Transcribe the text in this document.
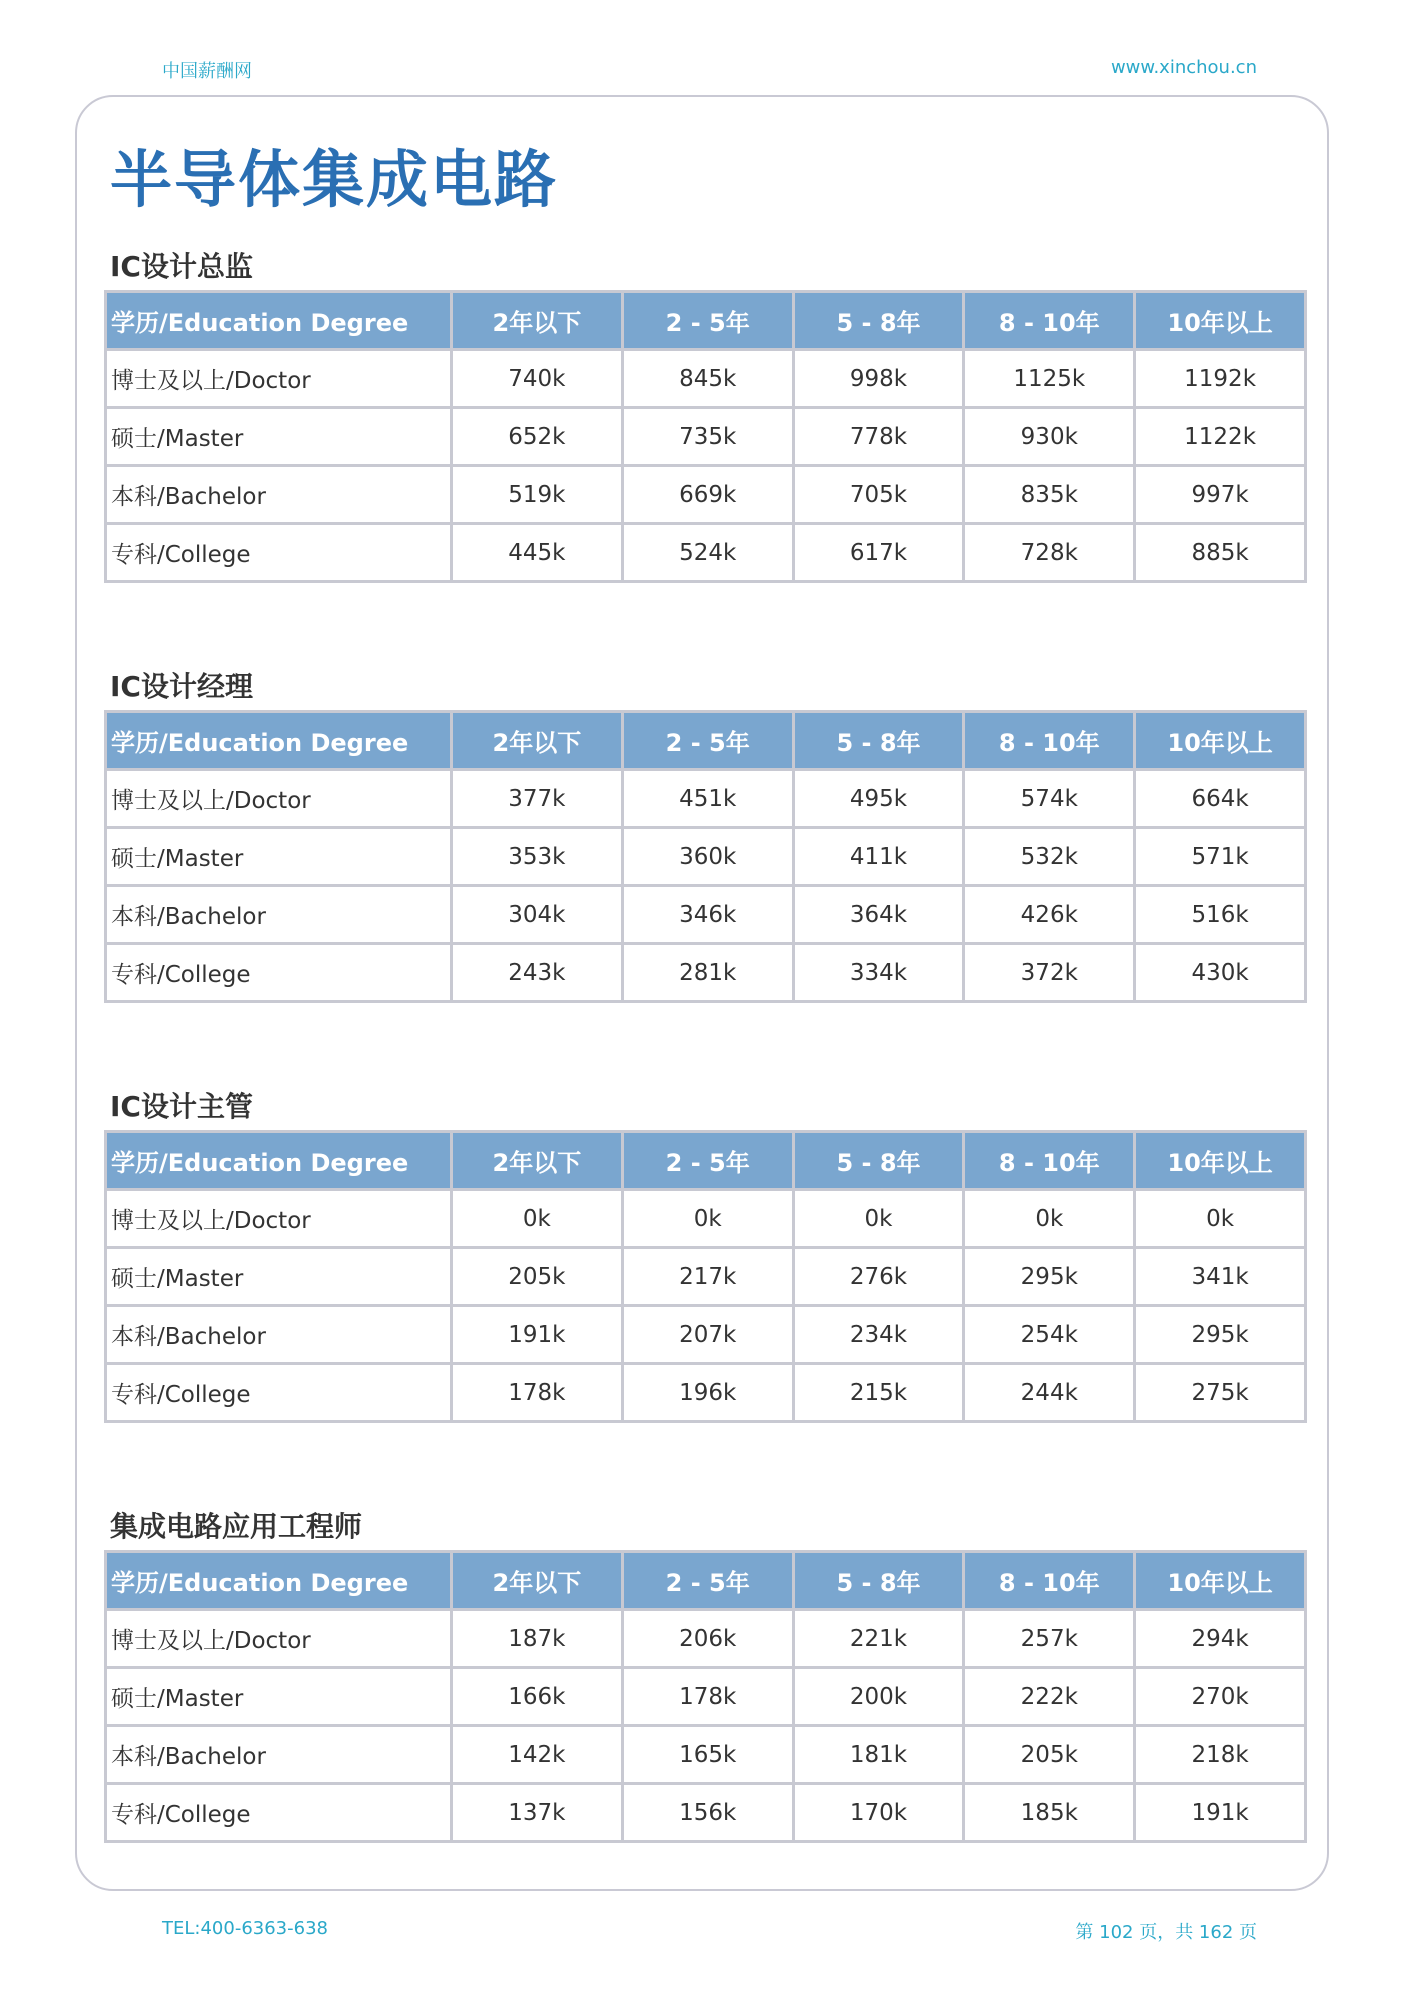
中国薪酬网	www.xinchou.cn
半导体集成电路
IC设计总监
学历/Education Degree	2年以下	2 - 5年	5 - 8年	8 - 10年	10年以上
博士及以上/Doctor	740k	845k	998k	1125k	1192k
硕士/Master	652k	735k	778k	930k	1122k
本科/Bachelor	519k	669k	705k	835k	997k
专科/College	445k	524k	617k	728k	885k
IC设计经理
学历/Education Degree	2年以下	2 - 5年	5 - 8年	8 - 10年	10年以上
博士及以上/Doctor	377k	451k	495k	574k	664k
硕士/Master	353k	360k	411k	532k	571k
本科/Bachelor	304k	346k	364k	426k	516k
专科/College	243k	281k	334k	372k	430k
IC设计主管
学历/Education Degree	2年以下	2 - 5年	5 - 8年	8 - 10年	10年以上
博士及以上/Doctor	0k	0k	0k	0k	0k
硕士/Master	205k	217k	276k	295k	341k
本科/Bachelor	191k	207k	234k	254k	295k
专科/College	178k	196k	215k	244k	275k
集成电路应用工程师
学历/Education Degree	2年以下	2 - 5年	5 - 8年	8 - 10年	10年以上
博士及以上/Doctor	187k	206k	221k	257k	294k
硕士/Master	166k	178k	200k	222k	270k
本科/Bachelor	142k	165k	181k	205k	218k
专科/College	137k	156k	170k	185k	191k
TEL:400-6363-638	第 102 页，共 162 页
